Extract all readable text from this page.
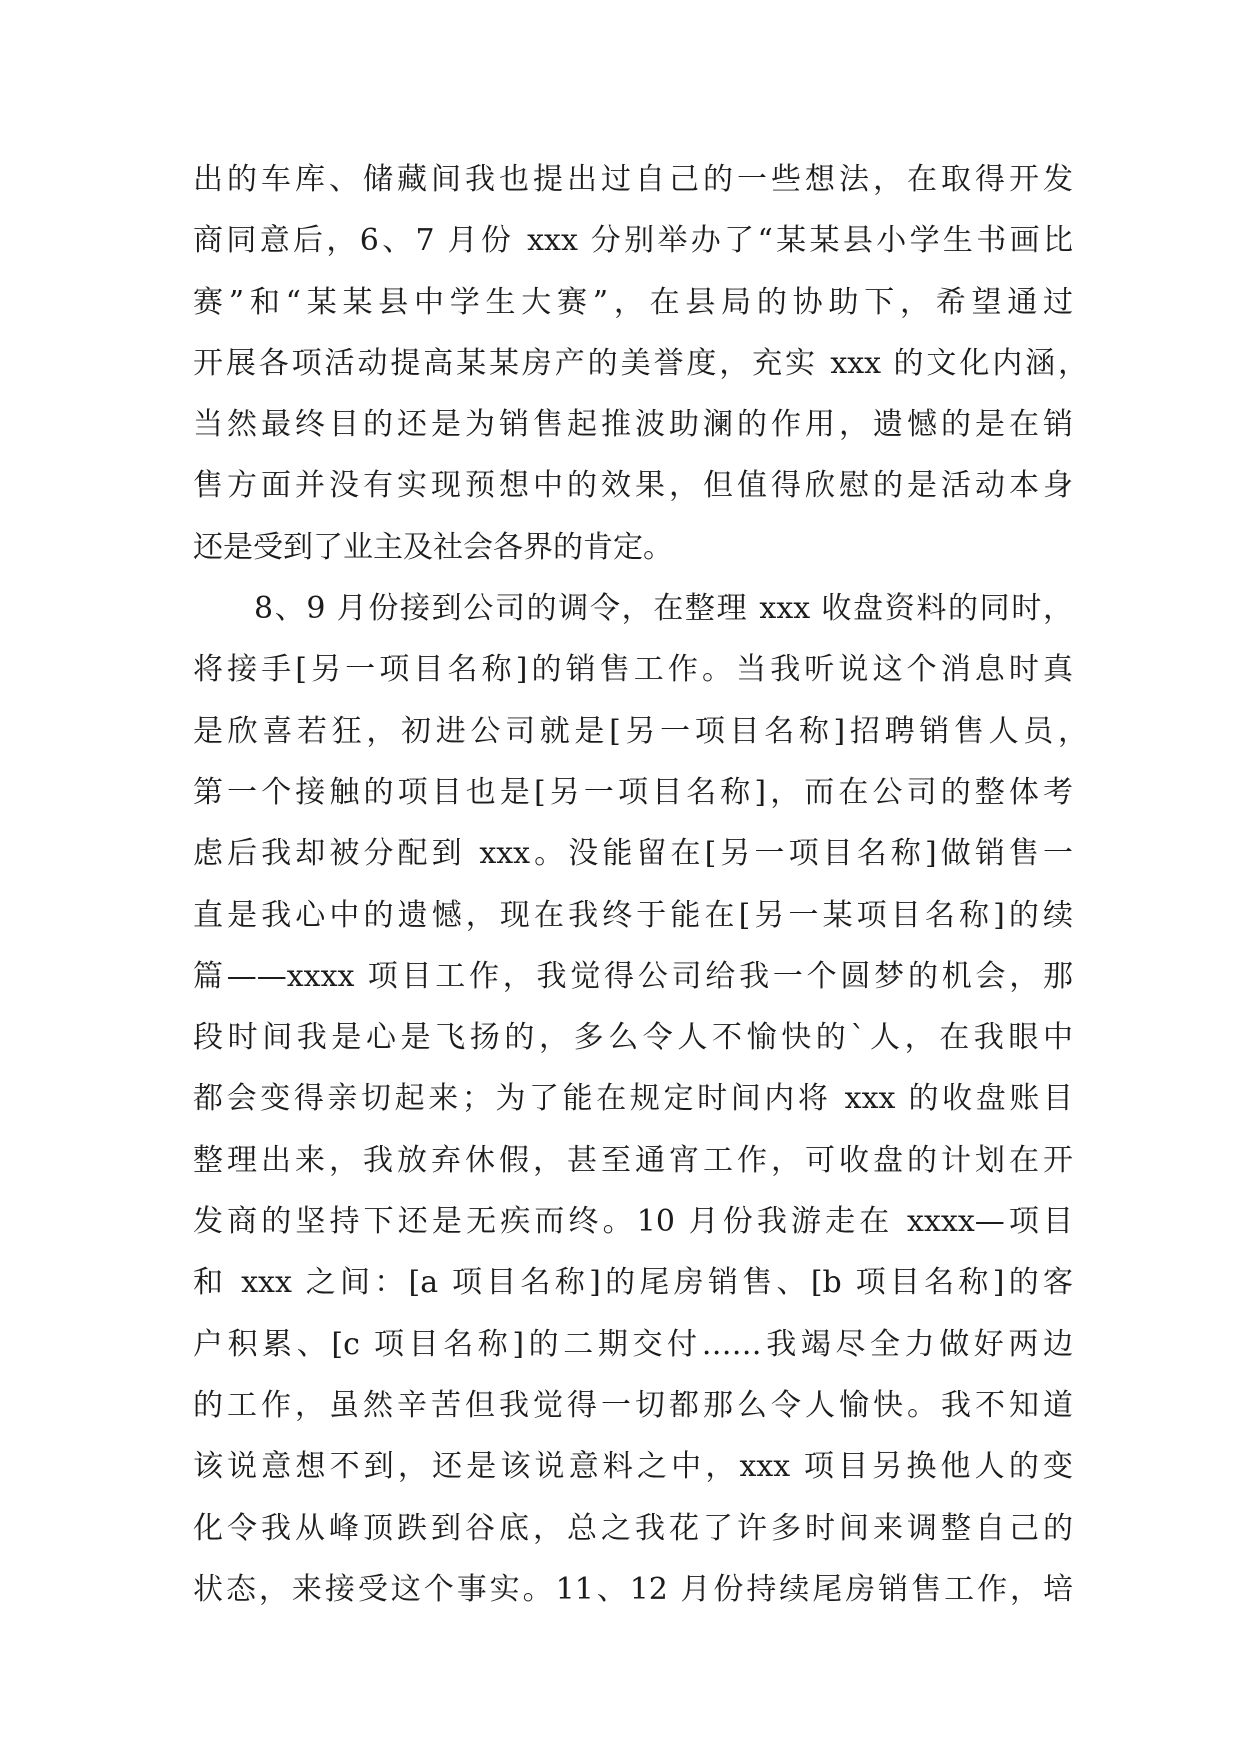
出的车库、储藏间我也提出过自己的一些想法，在取得开发
商同意后，6、7 月份 xxx 分别举办了“某某县小学生书画比
赛”和“某某县中学生大赛”，在县局的协助下，希望通过
开展各项活动提高某某房产的美誉度，充实 xxx 的文化内涵，
当然最终目的还是为销售起推波助澜的作用，遗憾的是在销
售方面并没有实现预想中的效果，但值得欣慰的是活动本身
还是受到了业主及社会各界的肯定。
8、9 月份接到公司的调令，在整理 xxx 收盘资料的同时，
将接手[另一项目名称]的销售工作。当我听说这个消息时真
是欣喜若狂，初进公司就是[另一项目名称]招聘销售人员，
第一个接触的项目也是[另一项目名称]，而在公司的整体考
虑后我却被分配到 xxx。没能留在[另一项目名称]做销售一
直是我心中的遗憾，现在我终于能在[另一某项目名称]的续
篇——xxxx 项目工作，我觉得公司给我一个圆梦的机会，那
段时间我是心是飞扬的，多么令人不愉快的`人，在我眼中
都会变得亲切起来；为了能在规定时间内将 xxx 的收盘账目
整理出来，我放弃休假，甚至通宵工作，可收盘的计划在开
发商的坚持下还是无疾而终。10 月份我游走在 xxxx—项目
和 xxx 之间：[a 项目名称]的尾房销售、[b 项目名称]的客
户积累、[c 项目名称]的二期交付……我竭尽全力做好两边
的工作，虽然辛苦但我觉得一切都那么令人愉快。我不知道
该说意想不到，还是该说意料之中，xxx 项目另换他人的变
化令我从峰顶跌到谷底，总之我花了许多时间来调整自己的
状态，来接受这个事实。11、12 月份持续尾房销售工作，培
